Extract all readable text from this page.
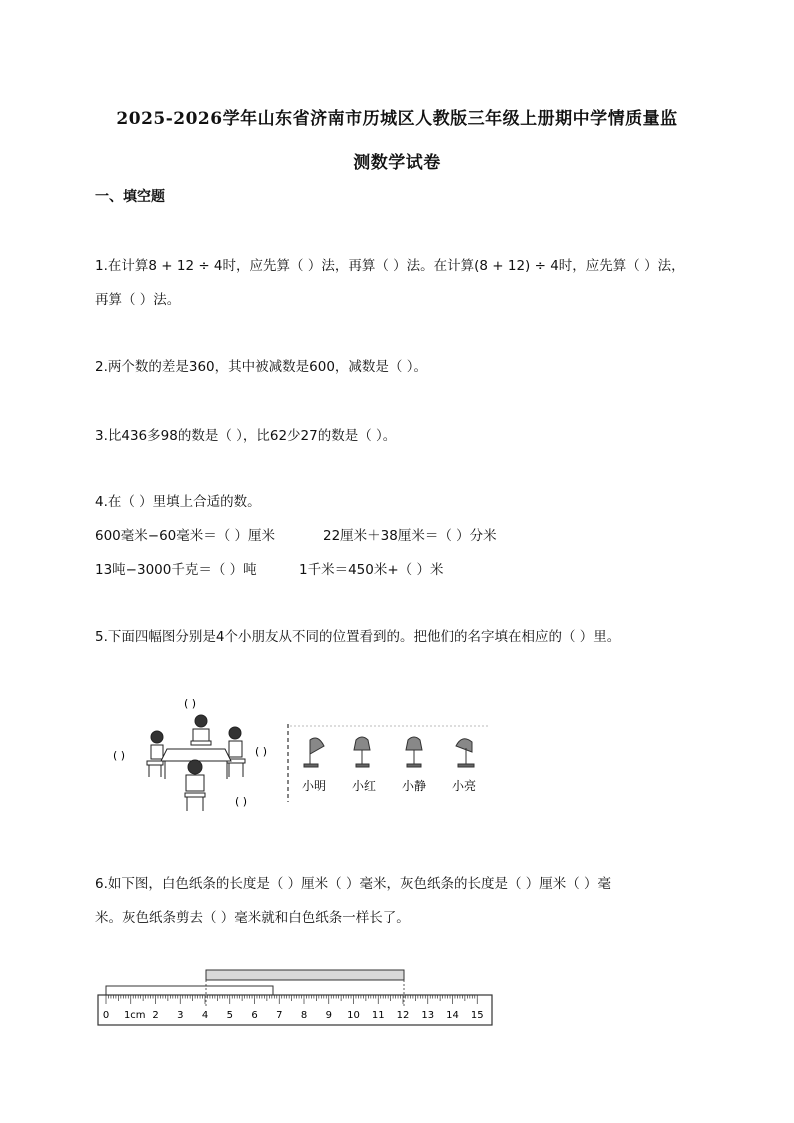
2025-2026学年山东省济南市历城区人教版三年级上册期中学情质量监
测数学试卷
一、填空题
1.在计算8 + 12 ÷ 4时，应先算（ ）法，再算（ ）法。在计算(8 + 12) ÷ 4时，应先算（ ）法，
再算（ ）法。
2.两个数的差是360，其中被减数是600，减数是（ ）。
3.比436多98的数是（ ），比62少27的数是（ ）。
4.在（ ）里填上合适的数。
600毫米−60毫米＝（ ）厘米	22厘米＋38厘米＝（ ）分米
13吨−3000千克＝（ ）吨	1千米＝450米+（ ）米
5.下面四幅图分别是4个小朋友从不同的位置看到的。把他们的名字填在相应的（ ）里。
( )
( )	( )
( )
小明 小红 小静 小亮
6.如下图，白色纸条的长度是（ ）厘米（ ）毫米，灰色纸条的长度是（ ）厘米（ ）毫
米。灰色纸条剪去（ ）毫米就和白色纸条一样长了。
0 1cm 2 3 4 5 6 7 8 9 10 11 12 13 14 15
